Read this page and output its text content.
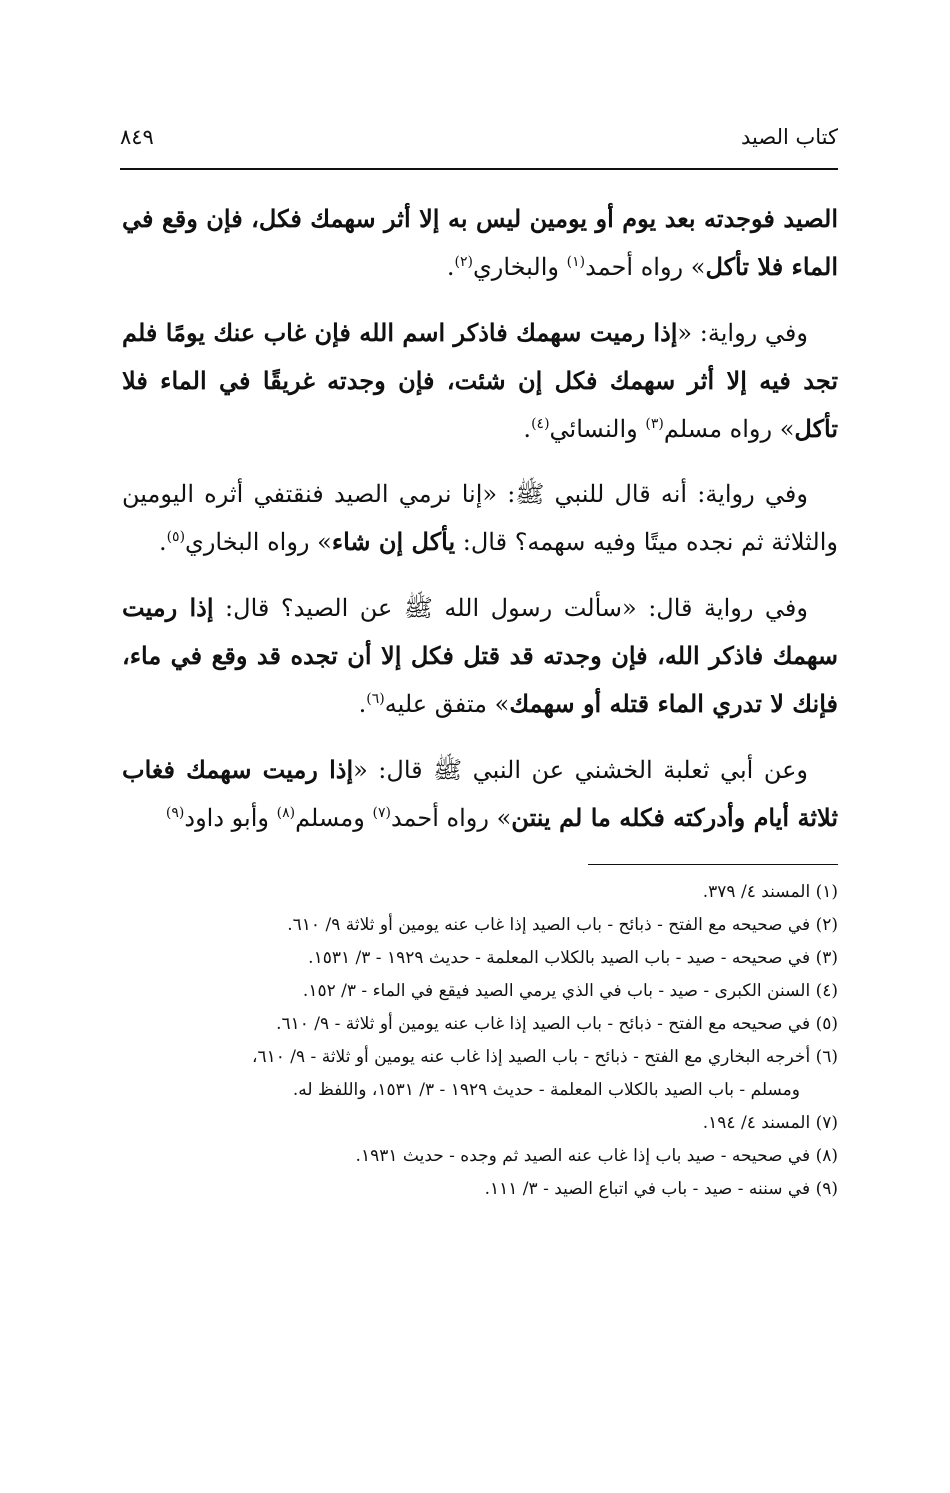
٨٤٩	كتاب الصيد

الصيد فوجدته بعد يوم أو يومين ليس به إلا أثر سهمك فكل، فإن وقع في الماء فلا تأكل» رواه أحمد$^{(١)}$ والبخاري$^{(٢)}$.

وفي رواية: «إذا رميت سهمك فاذكر اسم الله فإن غاب عنك يومًا فلم تجد فيه إلا أثر سهمك فكل إن شئت، فإن وجدته غريقًا في الماء فلا تأكل» رواه مسلم$^{(٣)}$ والنسائي$^{(٤)}$.

وفي رواية: أنه قال للنبي ﷺ: «إنا نرمي الصيد فنقتفي أثره اليومين والثلاثة ثم نجده ميتًا وفيه سهمه؟ قال: يأكل إن شاء» رواه البخاري$^{(٥)}$.

وفي رواية قال: «سألت رسول الله ﷺ عن الصيد؟ قال: إذا رميت سهمك فاذكر الله، فإن وجدته قد قتل فكل إلا أن تجده قد وقع في ماء، فإنك لا تدري الماء قتله أو سهمك» متفق عليه$^{(٦)}$.

وعن أبي ثعلبة الخشني عن النبي ﷺ قال: «إذا رميت سهمك فغاب ثلاثة أيام وأدركته فكله ما لم ينتن» رواه أحمد$^{(٧)}$ ومسلم$^{(٨)}$ وأبو داود$^{(٩)}$

(١) المسند ٤/ ٣٧٩.
(٢) في صحيحه مع الفتح - ذبائح - باب الصيد إذا غاب عنه يومين أو ثلاثة ٩/ ٦١٠.
(٣) في صحيحه - صيد - باب الصيد بالكلاب المعلمة - حديث ١٩٢٩ - ٣/ ١٥٣١.
(٤) السنن الكبرى - صيد - باب في الذي يرمي الصيد فيقع في الماء - ٣/ ١٥٢.
(٥) في صحيحه مع الفتح - ذبائح - باب الصيد إذا غاب عنه يومين أو ثلاثة - ٩/ ٦١٠.
(٦) أخرجه البخاري مع الفتح - ذبائح - باب الصيد إذا غاب عنه يومين أو ثلاثة - ٩/ ٦١٠،
ومسلم - باب الصيد بالكلاب المعلمة - حديث ١٩٢٩ - ٣/ ١٥٣١، واللفظ له.
(٧) المسند ٤/ ١٩٤.
(٨) في صحيحه - صيد باب إذا غاب عنه الصيد ثم وجده - حديث ١٩٣١.
(٩) في سننه - صيد - باب في اتباع الصيد - ٣/ ١١١.
